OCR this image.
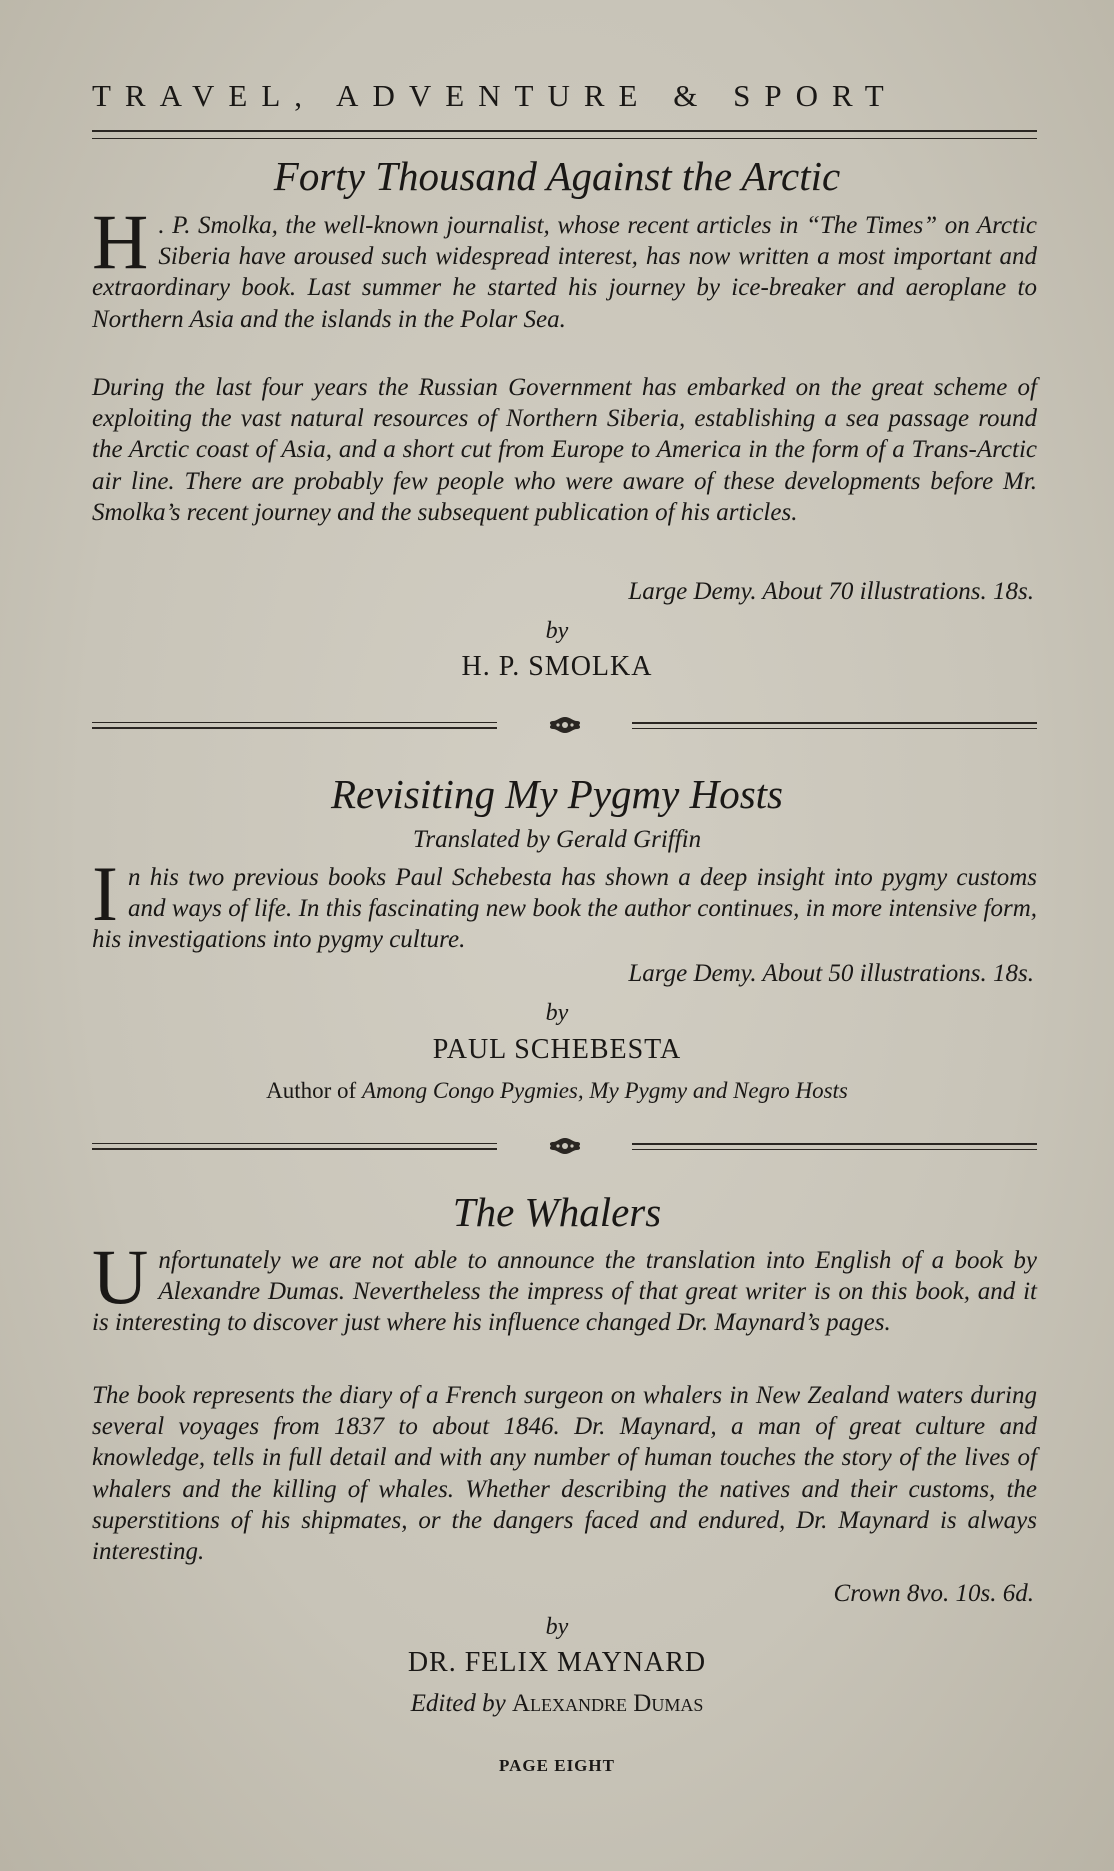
TRAVEL, ADVENTURE & SPORT
Forty Thousand Against the Arctic

H . P. Smolka, the well-known journalist, whose recent articles in “The Times” on Arctic Siberia have aroused such widespread interest, has now written a most important and extraordinary book. Last summer he started his journey by ice-breaker and aeroplane to Northern Asia and the islands in the Polar Sea.

During the last four years the Russian Government has embarked on the great scheme of exploiting the vast natural resources of Northern Siberia, establishing a sea passage round the Arctic coast of Asia, and a short cut from Europe to America in the form of a Trans-Arctic air line. There are probably few people who were aware of these developments before Mr. Smolka’s recent journey and the subsequent publication of his articles.

Large Demy. About 70 illustrations. 18s.
by
H. P. SMOLKA
Revisiting My Pygmy Hosts
Translated by Gerald Griffin

In his two previous books Paul Schebesta has shown a deep insight into pygmy customs and ways of life. In this fascinating new book the author continues, in more intensive form, his investigations into pygmy culture.

Large Demy. About 50 illustrations. 18s.
by
PAUL SCHEBESTA
Author of Among Congo Pygmies, My Pygmy and Negro Hosts
The Whalers

Unfortunately we are not able to announce the translation into English of a book by Alexandre Dumas. Nevertheless the impress of that great writer is on this book, and it is interesting to discover just where his influence changed Dr. Maynard’s pages.

The book represents the diary of a French surgeon on whalers in New Zealand waters during several voyages from 1837 to about 1846. Dr. Maynard, a man of great culture and knowledge, tells in full detail and with any number of human touches the story of the lives of whalers and the killing of whales. Whether describing the natives and their customs, the superstitions of his shipmates, or the dangers faced and endured, Dr. Maynard is always interesting.

Crown 8vo. 10s. 6d.
by
DR. FELIX MAYNARD
Edited by Alexandre Dumas
PAGE EIGHT
